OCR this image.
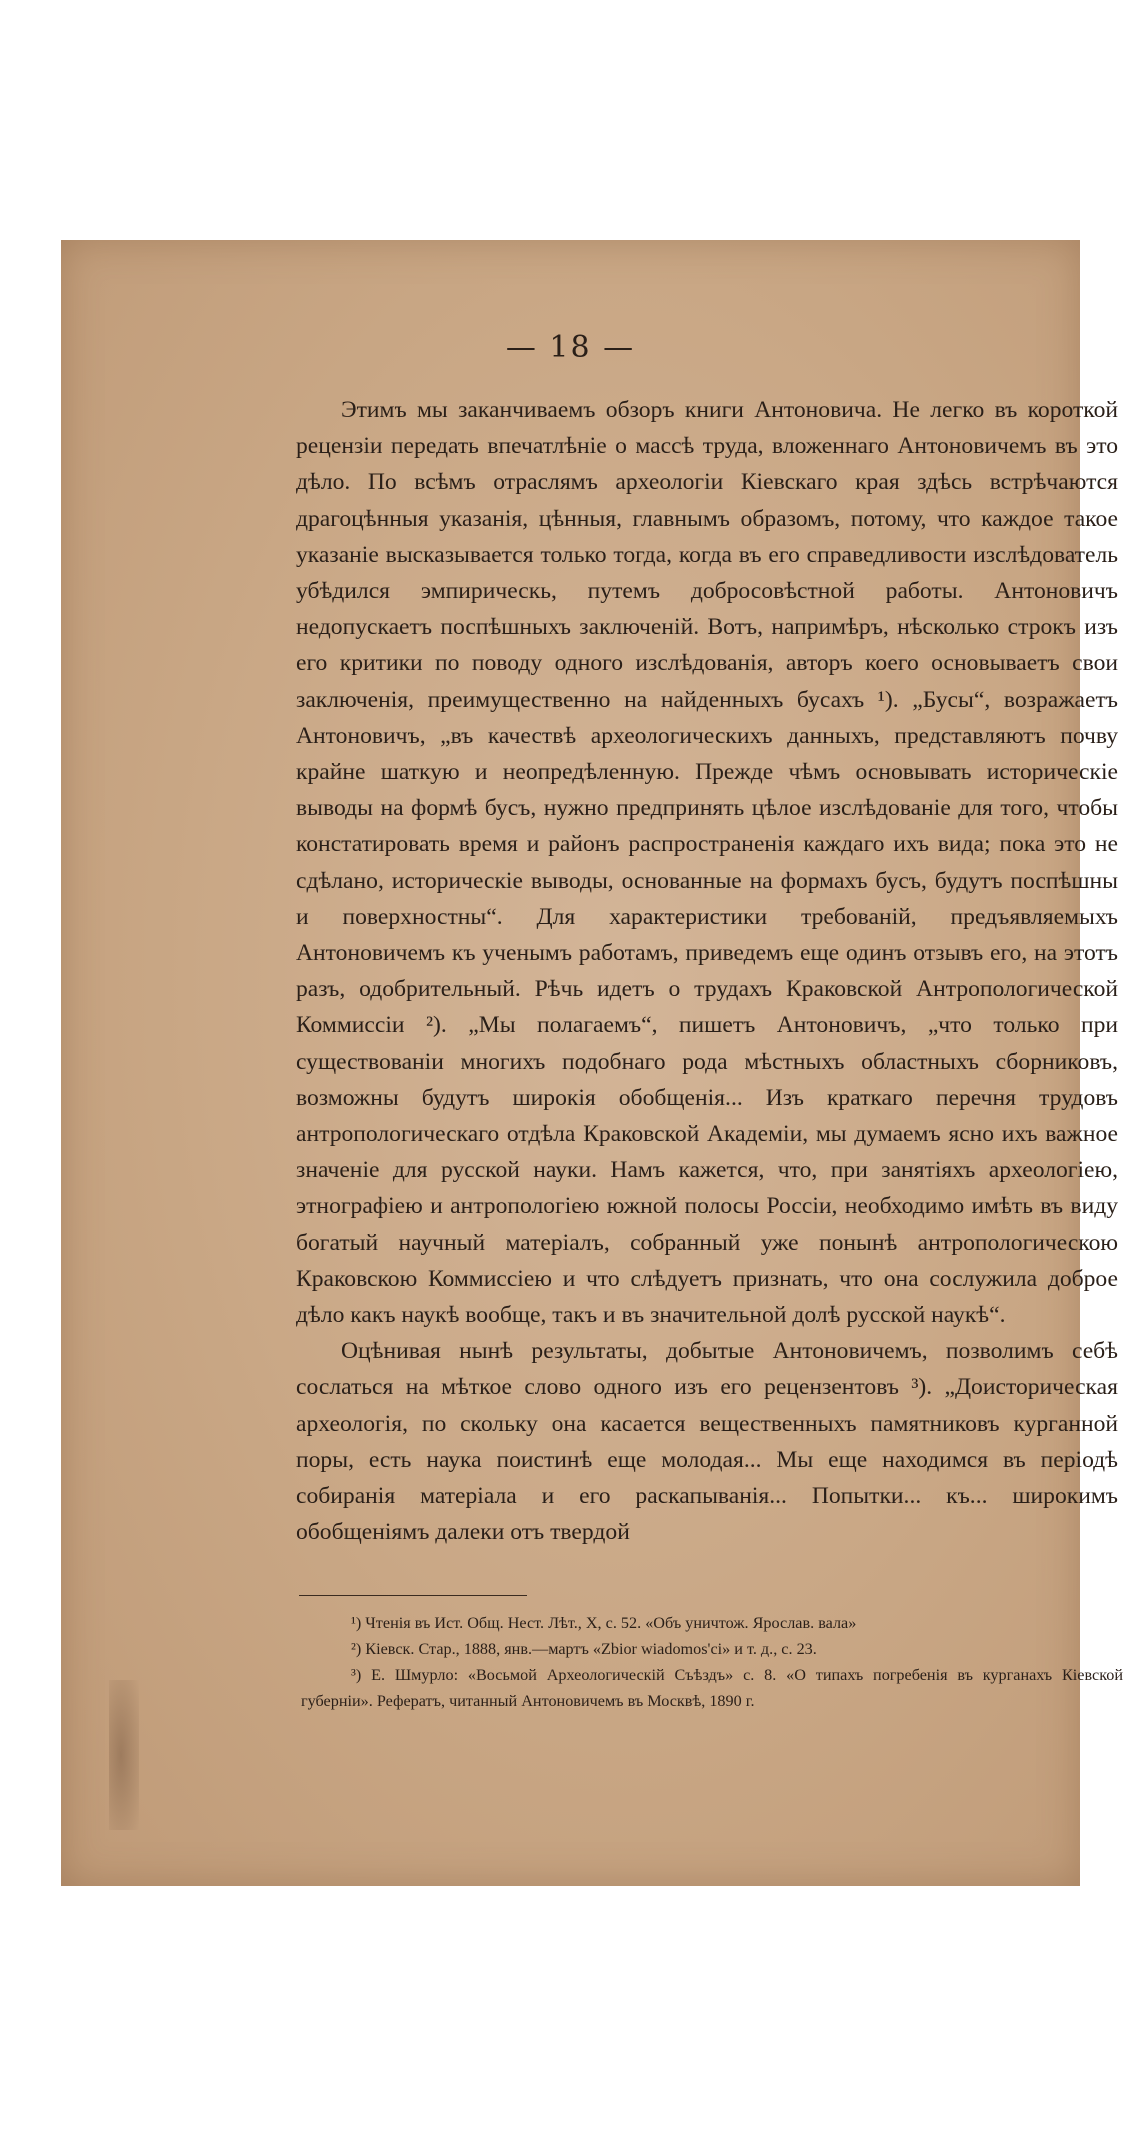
— 18 —

Этимъ мы заканчиваемъ обзоръ книги Антоновича. Не легко въ короткой рецензіи передать впечатлѣніе о массѣ труда, вложеннаго Антоновичемъ въ это дѣло. По всѣмъ отраслямъ археологіи Кіевскаго края здѣсь встрѣчаются драгоцѣнныя указанія, цѣнныя, главнымъ образомъ, потому, что каждое такое указаніе высказывается только тогда, когда въ его справедливости изслѣдователь убѣдился эмпирическь, путемъ добросовѣстной работы. Антоновичъ недопускаетъ поспѣшныхъ заключеній. Вотъ, напримѣръ, нѣсколько строкъ изъ его критики по поводу одного изслѣдованія, авторъ коего основываетъ свои заключенія, преимущественно на найденныхъ бусахъ ¹). „Бусы“, возражаетъ Антоновичъ, „въ качествѣ археологическихъ данныхъ, представляютъ почву крайне шаткую и неопредѣленную. Прежде чѣмъ основывать историческіе выводы на формѣ бусъ, нужно предпринять цѣлое изслѣдованіе для того, чтобы констатировать время и районъ распространенія каждаго ихъ вида; пока это не сдѣлано, историческіе выводы, основанные на формахъ бусъ, будутъ поспѣшны и поверхностны“. Для характеристики требованій, предъявляемыхъ Антоновичемъ къ ученымъ работамъ, приведемъ еще одинъ отзывъ его, на этотъ разъ, одобрительный. Рѣчь идетъ о трудахъ Краковской Антропологической Коммиссіи ²). „Мы полагаемъ“, пишетъ Антоновичъ, „что только при существованіи многихъ подобнаго рода мѣстныхъ областныхъ сборниковъ, возможны будутъ широкія обобщенія... Изъ краткаго перечня трудовъ антропологическаго отдѣла Краковской Академіи, мы думаемъ ясно ихъ важное значеніе для русской науки. Намъ кажется, что, при занятіяхъ археологіею, этнографіею и антропологіею южной полосы Россіи, необходимо имѣть въ виду богатый научный матеріалъ, собранный уже понынѣ антропологическою Краковскою Коммиссіею и что слѣдуетъ признать, что она сослужила доброе дѣло какъ наукѣ вообще, такъ и въ значительной долѣ русской наукѣ“.

Оцѣнивая нынѣ результаты, добытые Антоновичемъ, позволимъ себѣ сослаться на мѣткое слово одного изъ его рецензентовъ ³). „Доисторическая археологія, по скольку она касается вещественныхъ памятниковъ курганной поры, есть наука поистинѣ еще молодая... Мы еще находимся въ періодѣ собиранія матеріала и его раскапыванія... Попытки... къ... широкимъ обобщеніямъ далеки отъ твердой

¹) Чтенія въ Ист. Общ. Нест. Лѣт., X, с. 52. «Объ уничтож. Ярослав. вала»

²) Кіевск. Стар., 1888, янв.—мартъ «Zbior wiadomos'ci» и т. д., с. 23.

³) Е. Шмурло: «Восьмой Археологическій Съѣздъ» с. 8. «О типахъ погребенія въ курганахъ Кіевской губерніи». Рефератъ, читанный Антоновичемъ въ Москвѣ, 1890 г.
